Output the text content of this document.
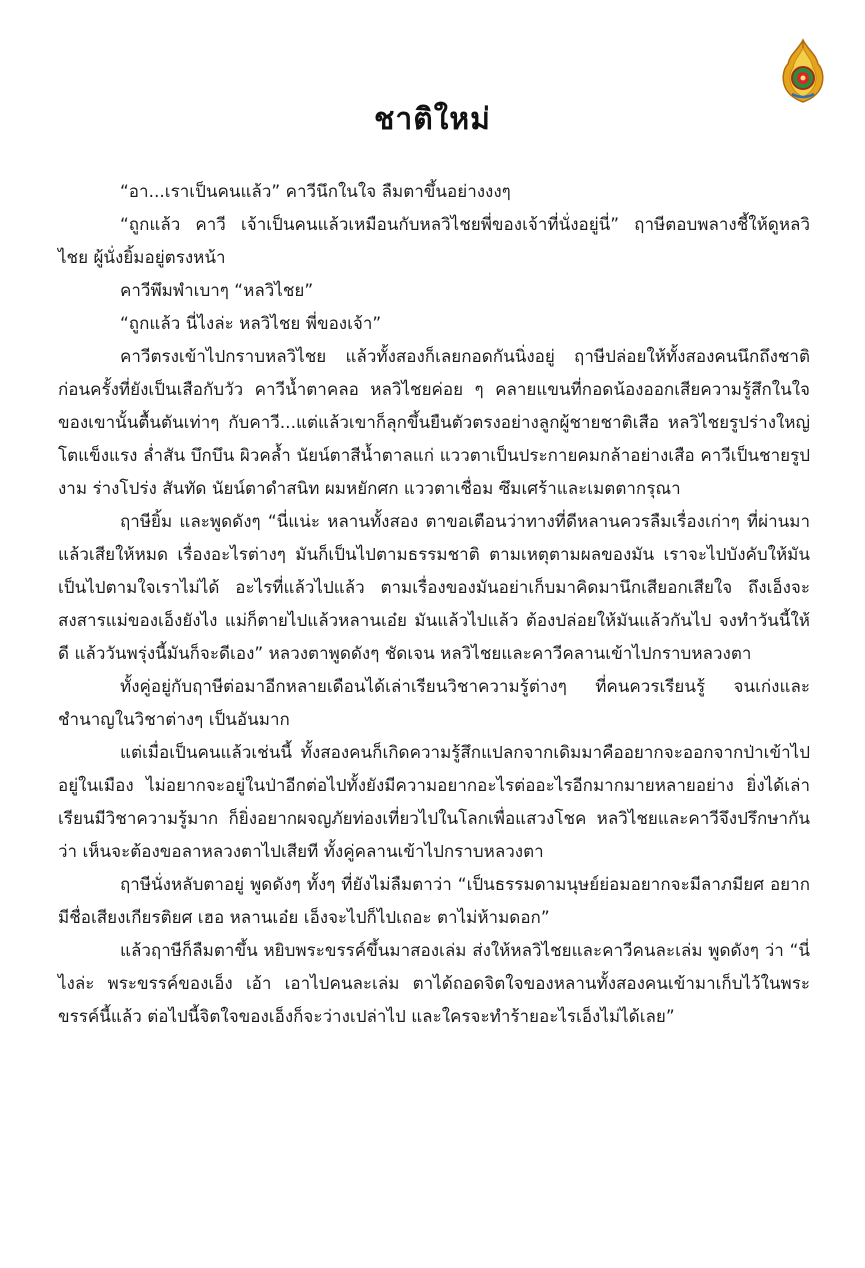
ชาติใหม่

“อา...เราเป็นคนแล้ว” คาวีนึกในใจ ลืมตาขึ้นอย่างงงๆ

“ถูกแล้ว คาวี เจ้าเป็นคนแล้วเหมือนกับหลวิไชยพี่ของเจ้าที่นั่งอยู่นี่” ฤาษีตอบพลางชี้ให้ดูหลวิไชย ผู้นั่งยิ้มอยู่ตรงหน้า

คาวีพึมพำเบาๆ “หลวิไชย”

“ถูกแล้ว นี่ไงล่ะ หลวิไชย พี่ของเจ้า”

คาวีตรงเข้าไปกราบหลวิไชย แล้วทั้งสองก็เลยกอดกันนิ่งอยู่ ฤาษีปล่อยให้ทั้งสองคนนึกถึงชาติก่อนครั้งที่ยังเป็นเสือกับวัว คาวีน้ำตาคลอ หลวิไชยค่อย ๆ คลายแขนที่กอดน้องออกเสียความรู้สึกในใจของเขานั้นตื้นตันเท่าๆ กับคาวี...แต่แล้วเขาก็ลุกขึ้นยืนตัวตรงอย่างลูกผู้ชายชาติเสือ หลวิไชยรูปร่างใหญ่โตแข็งแรง ล่ำสัน บึกบึน ผิวคล้ำ นัยน์ตาสีน้ำตาลแก่ แววตาเป็นประกายคมกล้าอย่างเสือ คาวีเป็นชายรูปงาม ร่างโปร่ง สันทัด นัยน์ตาดำสนิท ผมหยักศก แววตาเชื่อม ซึมเศร้าและเมตตากรุณา

ฤาษียิ้ม และพูดดังๆ “นี่แน่ะ หลานทั้งสอง ตาขอเตือนว่าทางที่ดีหลานควรลืมเรื่องเก่าๆ ที่ผ่านมาแล้วเสียให้หมด เรื่องอะไรต่างๆ มันก็เป็นไปตามธรรมชาติ ตามเหตุตามผลของมัน เราจะไปบังคับให้มันเป็นไปตามใจเราไม่ได้ อะไรที่แล้วไปแล้ว ตามเรื่องของมันอย่าเก็บมาคิดมานึกเสียอกเสียใจ ถึงเอ็งจะสงสารแม่ของเอ็งยังไง แม่ก็ตายไปแล้วหลานเอ๋ย มันแล้วไปแล้ว ต้องปล่อยให้มันแล้วกันไป จงทำวันนี้ให้ดี แล้ววันพรุ่งนี้มันก็จะดีเอง” หลวงตาพูดดังๆ ชัดเจน หลวิไชยและคาวีคลานเข้าไปกราบหลวงตา

ทั้งคู่อยู่กับฤาษีต่อมาอีกหลายเดือนได้เล่าเรียนวิชาความรู้ต่างๆ ที่คนควรเรียนรู้ จนเก่งและชำนาญในวิชาต่างๆ เป็นอันมาก

แต่เมื่อเป็นคนแล้วเช่นนี้ ทั้งสองคนก็เกิดความรู้สึกแปลกจากเดิมมาคืออยากจะออกจากป่าเข้าไปอยู่ในเมือง ไม่อยากจะอยู่ในป่าอีกต่อไปทั้งยังมีความอยากอะไรต่ออะไรอีกมากมายหลายอย่าง ยิ่งได้เล่าเรียนมีวิชาความรู้มาก ก็ยิ่งอยากผจญภัยท่องเที่ยวไปในโลกเพื่อแสวงโชค หลวิไชยและคาวีจึงปรึกษากันว่า เห็นจะต้องขอลาหลวงตาไปเสียที ทั้งคู่คลานเข้าไปกราบหลวงตา

ฤาษีนั่งหลับตาอยู่ พูดดังๆ ทั้งๆ ที่ยังไม่ลืมตาว่า “เป็นธรรมดามนุษย์ย่อมอยากจะมีลาภมียศ อยากมีชื่อเสียงเกียรติยศ เฮอ หลานเอ๋ย เอ็งจะไปก็ไปเถอะ ตาไม่ห้ามดอก”

แล้วฤาษีก็ลืมตาขึ้น หยิบพระขรรค์ขึ้นมาสองเล่ม ส่งให้หลวิไชยและคาวีคนละเล่ม พูดดังๆ ว่า “นี่ไงล่ะ พระขรรค์ของเอ็ง เอ้า เอาไปคนละเล่ม ตาได้ถอดจิตใจของหลานทั้งสองคนเข้ามาเก็บไว้ในพระขรรค์นี้แล้ว ต่อไปนี้จิตใจของเอ็งก็จะว่างเปล่าไป และใครจะทำร้ายอะไรเอ็งไม่ได้เลย”
